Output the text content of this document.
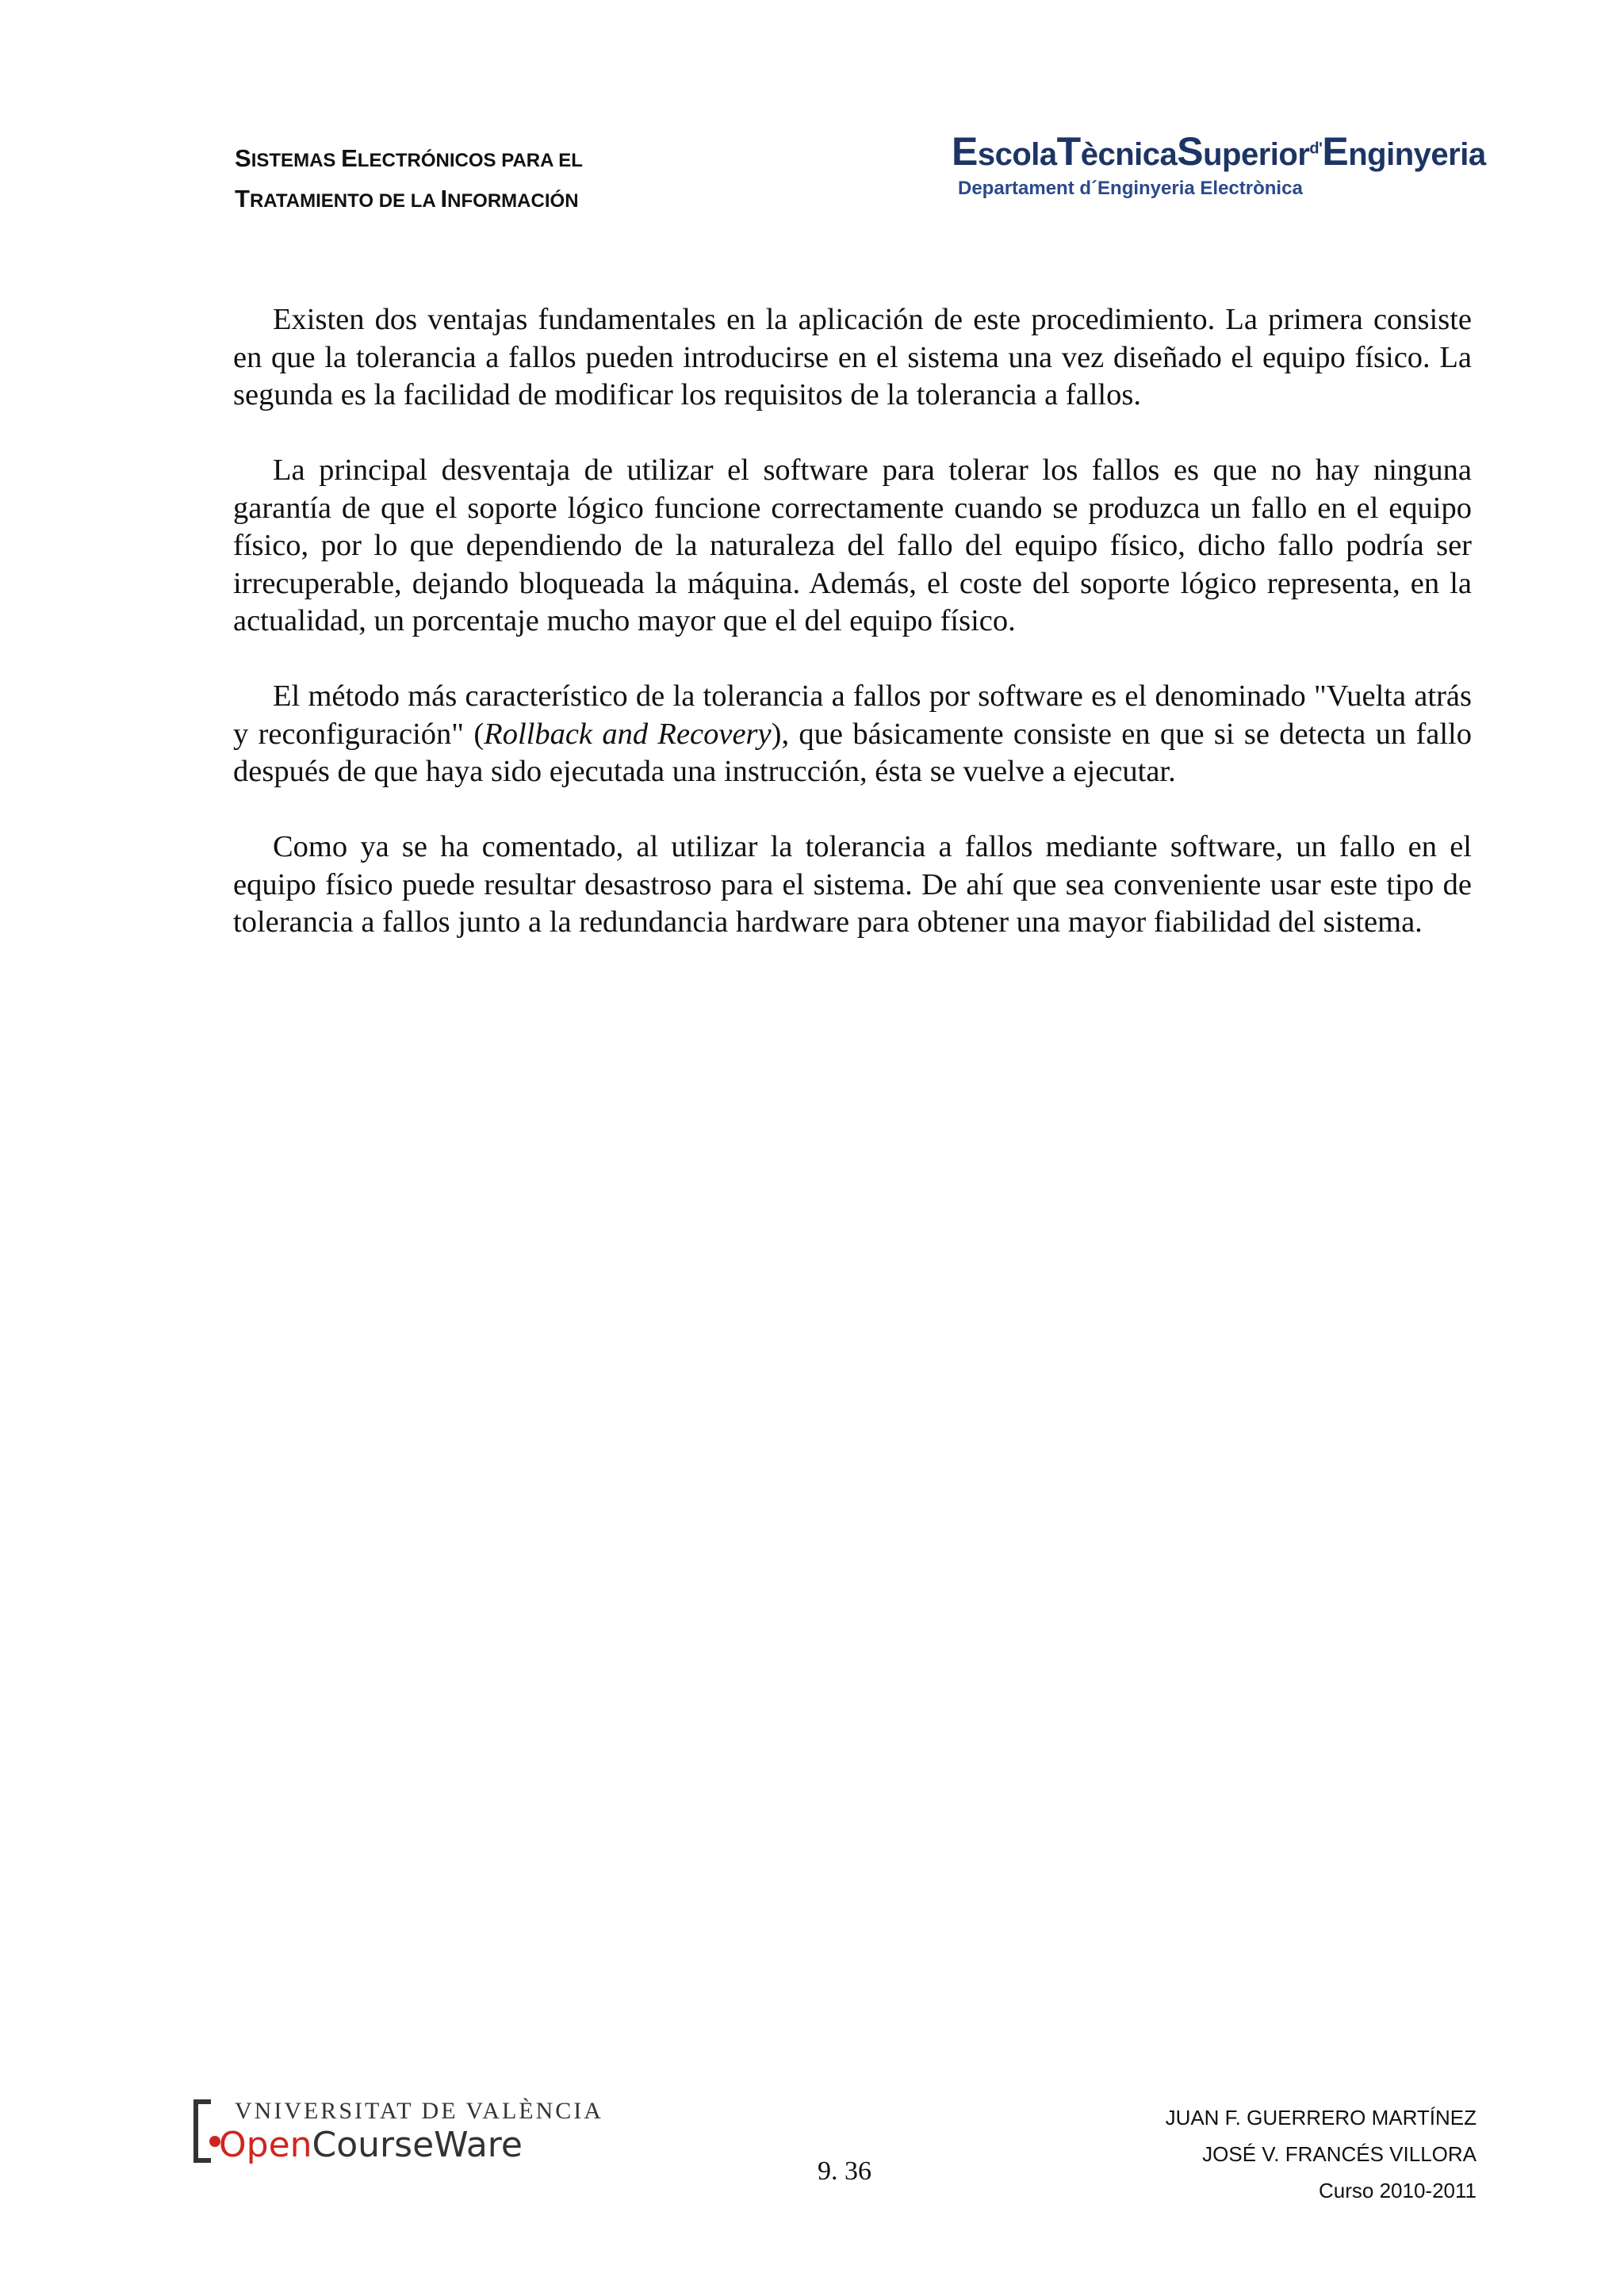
SISTEMAS ELECTRÓNICOS PARA EL
TRATAMIENTO DE LA INFORMACIÓN
EscolaTècnicaSuperior$^{d'}$Enginyeria
Departament d´Enginyeria Electrònica

Existen dos ventajas fundamentales en la aplicación de este procedimiento. La primera consiste en que la tolerancia a fallos pueden introducirse en el sistema una vez diseñado el equipo físico. La segunda es la facilidad de modificar los requisitos de la tolerancia a fallos.

La principal desventaja de utilizar el software para tolerar los fallos es que no hay ninguna garantía de que el soporte lógico funcione correctamente cuando se produzca un fallo en el equipo físico, por lo que dependiendo de la naturaleza del fallo del equipo físico, dicho fallo podría ser irrecuperable, dejando bloqueada la máquina. Además, el coste del soporte lógico representa, en la actualidad, un porcentaje mucho mayor que el del equipo físico.

El método más característico de la tolerancia a fallos por software es el denominado "Vuelta atrás y reconfiguración" (Rollback and Recovery), que básicamente consiste en que si se detecta un fallo después de que haya sido ejecutada una instrucción, ésta se vuelve a ejecutar.

Como ya se ha comentado, al utilizar la tolerancia a fallos mediante software, un fallo en el equipo físico puede resultar desastroso para el sistema. De ahí que sea conveniente usar este tipo de tolerancia a fallos junto a la redundancia hardware para obtener una mayor fiabilidad del sistema.

VNIVERSITAT DE VALÈNCIA
OpenCourseWare
9. 36
JUAN F. GUERRERO MARTÍNEZ
JOSÉ V. FRANCÉS VILLORA
Curso 2010-2011
